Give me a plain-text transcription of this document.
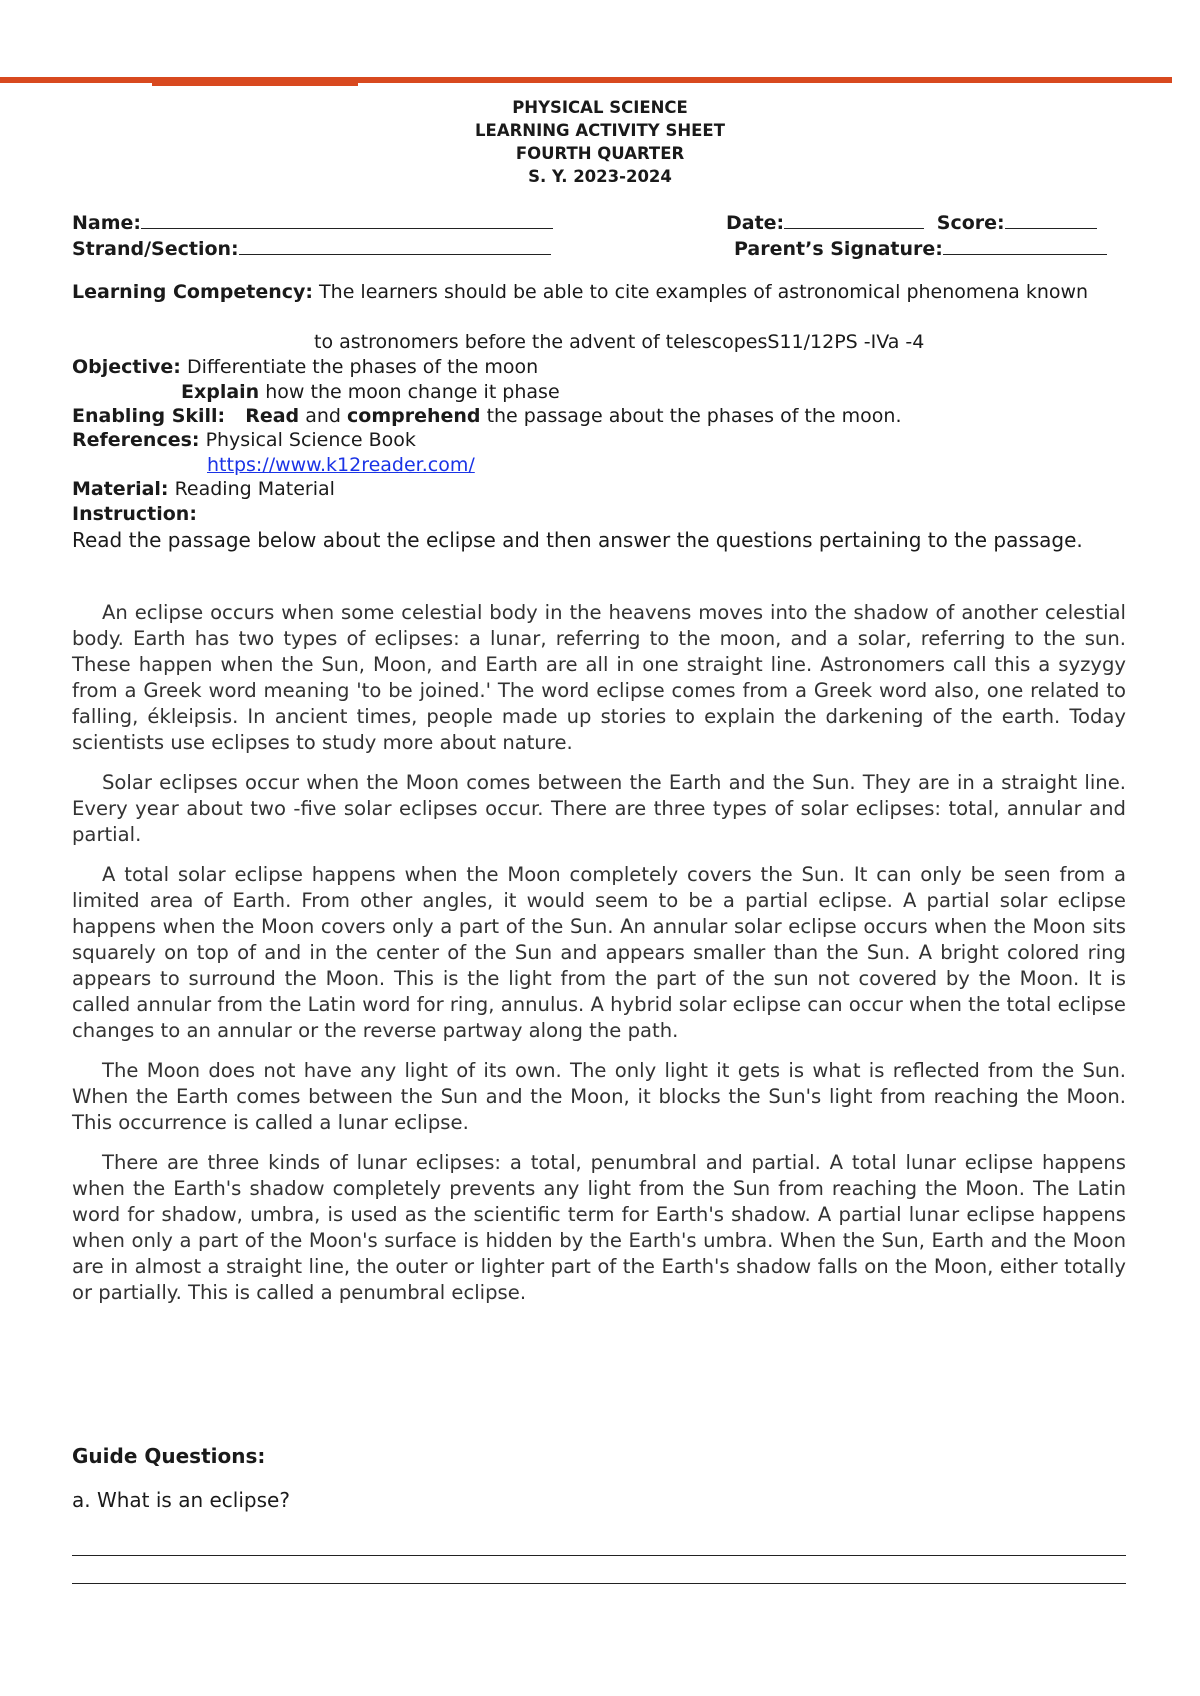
PHYSICAL SCIENCE
LEARNING ACTIVITY SHEET
FOURTH QUARTER
S. Y. 2023-2024
Name:	Date:	Score:
Strand/Section:	Parent’s Signature:
Learning Competency: The learners should be able to cite examples of astronomical phenomena known
to astronomers before the advent of telescopesS11/12PS -IVa -4
Objective: Differentiate the phases of the moon
Explain how the moon change it phase
Enabling Skill: Read and comprehend the passage about the phases of the moon.
References: Physical Science Book
https://www.k12reader.com/
Material: Reading Material
Instruction:
Read the passage below about the eclipse and then answer the questions pertaining to the passage.

An eclipse occurs when some celestial body in the heavens moves into the shadow of another celestial body. Earth has two types of eclipses: a lunar, referring to the moon, and a solar, referring to the sun. These happen when the Sun, Moon, and Earth are all in one straight line. Astronomers call this a syzygy from a Greek word meaning 'to be joined.' The word eclipse comes from a Greek word also, one related to falling, ékleipsis. In ancient times, people made up stories to explain the darkening of the earth. Today scientists use eclipses to study more about nature.

Solar eclipses occur when the Moon comes between the Earth and the Sun. They are in a straight line. Every year about two -five solar eclipses occur. There are three types of solar eclipses: total, annular and partial.

A total solar eclipse happens when the Moon completely covers the Sun. It can only be seen from a limited area of Earth. From other angles, it would seem to be a partial eclipse. A partial solar eclipse happens when the Moon covers only a part of the Sun. An annular solar eclipse occurs when the Moon sits squarely on top of and in the center of the Sun and appears smaller than the Sun. A bright colored ring appears to surround the Moon. This is the light from the part of the sun not covered by the Moon. It is called annular from the Latin word for ring, annulus. A hybrid solar eclipse can occur when the total eclipse changes to an annular or the reverse partway along the path.

The Moon does not have any light of its own. The only light it gets is what is reflected from the Sun. When the Earth comes between the Sun and the Moon, it blocks the Sun's light from reaching the Moon. This occurrence is called a lunar eclipse.

There are three kinds of lunar eclipses: a total, penumbral and partial. A total lunar eclipse happens when the Earth's shadow completely prevents any light from the Sun from reaching the Moon. The Latin word for shadow, umbra, is used as the scientific term for Earth's shadow. A partial lunar eclipse happens when only a part of the Moon's surface is hidden by the Earth's umbra. When the Sun, Earth and the Moon are in almost a straight line, the outer or lighter part of the Earth's shadow falls on the Moon, either totally or partially. This is called a penumbral eclipse.

Guide Questions:
a. What is an eclipse?
